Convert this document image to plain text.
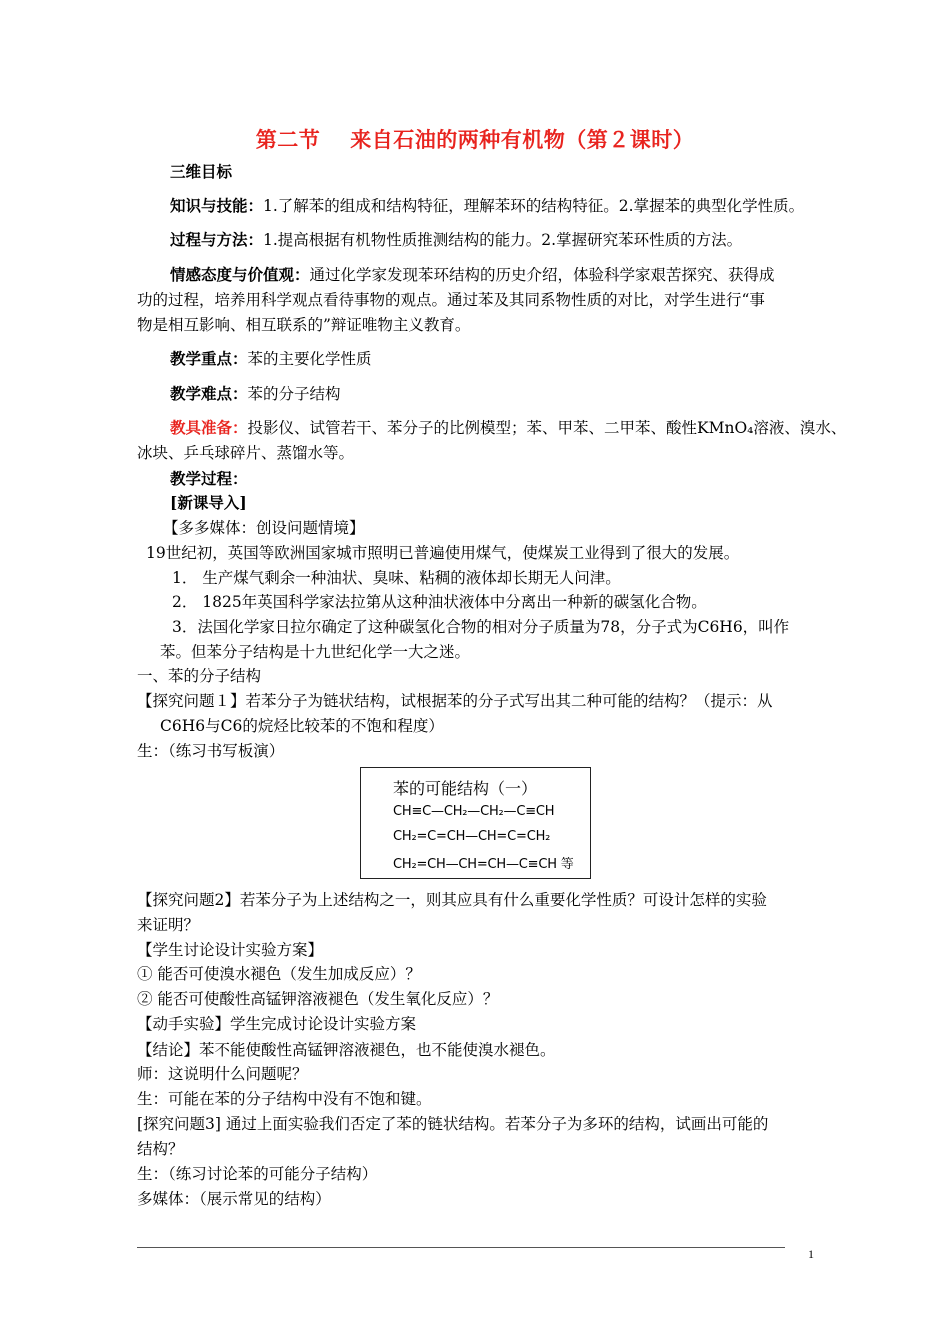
第二节 来自石油的两种有机物（第２课时）
三维目标
知识与技能：1.了解苯的组成和结构特征，理解苯环的结构特征。2.掌握苯的典型化学性质。
过程与方法：1.提高根据有机物性质推测结构的能力。2.掌握研究苯环性质的方法。
情感态度与价值观：通过化学家发现苯环结构的历史介绍，体验科学家艰苦探究、获得成
功的过程，培养用科学观点看待事物的观点。通过苯及其同系物性质的对比，对学生进行“事
物是相互影响、相互联系的”辩证唯物主义教育。
教学重点：苯的主要化学性质
教学难点：苯的分子结构
教具准备：投影仪、试管若干、苯分子的比例模型；苯、甲苯、二甲苯、酸性KMnO₄溶液、溴水、
冰块、乒乓球碎片、蒸馏水等。
教学过程：
[新课导入]
【多多媒体：创设问题情境】
19世纪初，英国等欧洲国家城市照明已普遍使用煤气，使煤炭工业得到了很大的发展。
1． 生产煤气剩余一种油状、臭味、粘稠的液体却长期无人问津。
2． 1825年英国科学家法拉第从这种油状液体中分离出一种新的碳氢化合物。
3．法国化学家日拉尔确定了这种碳氢化合物的相对分子质量为78，分子式为C6H6，叫作
苯。但苯分子结构是十九世纪化学一大之迷。
一、苯的分子结构
【探究问题１】若苯分子为链状结构，试根据苯的分子式写出其二种可能的结构？（提示：从
C6H6与C6的烷烃比较苯的不饱和程度）
生：（练习书写板演）
苯的可能结构（一）
CH≡C—CH₂—CH₂—C≡CH
CH₂=C=CH—CH=C=CH₂
CH₂=CH—CH=CH—C≡CH 等
【探究问题2】若苯分子为上述结构之一，则其应具有什么重要化学性质？可设计怎样的实验
来证明？
【学生讨论设计实验方案】
① 能否可使溴水褪色（发生加成反应）？
② 能否可使酸性高锰钾溶液褪色（发生氧化反应）？
【动手实验】学生完成讨论设计实验方案
【结论】苯不能使酸性高锰钾溶液褪色，也不能使溴水褪色。
师：这说明什么问题呢？
生：可能在苯的分子结构中没有不饱和键。
[探究问题3] 通过上面实验我们否定了苯的链状结构。若苯分子为多环的结构，试画出可能的
结构？
生：（练习讨论苯的可能分子结构）
多媒体：（展示常见的结构）
1
